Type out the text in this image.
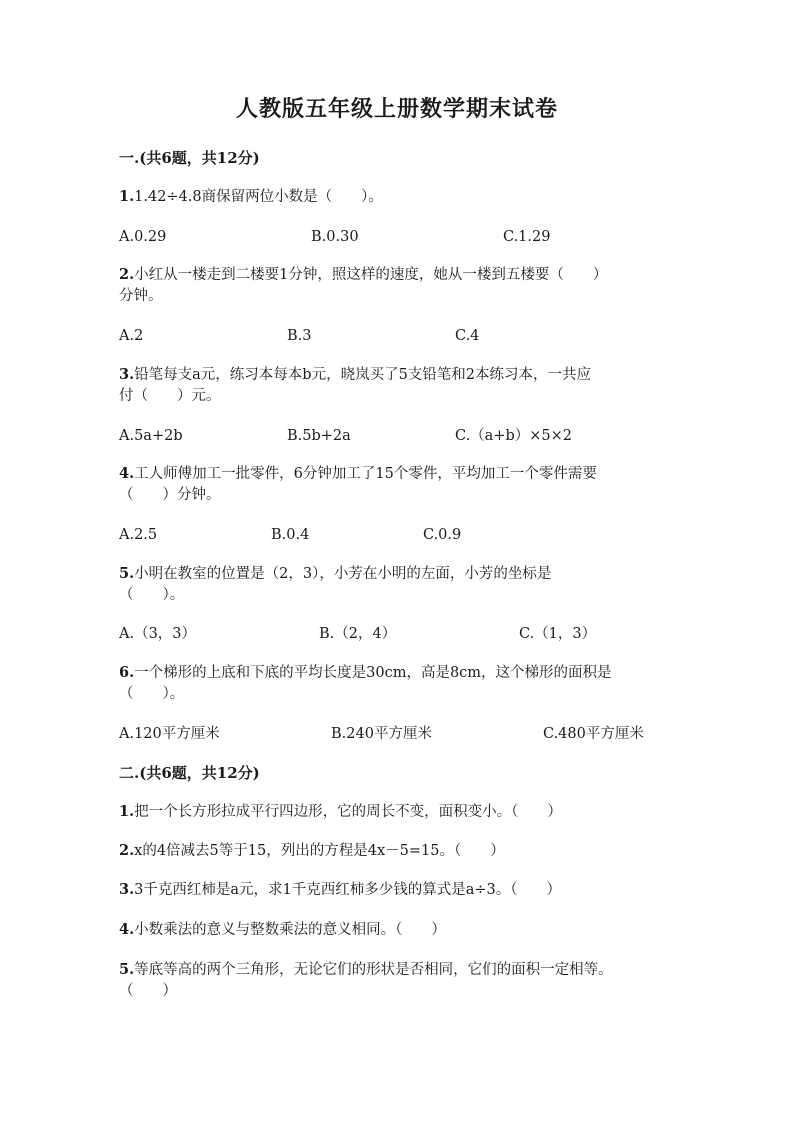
人教版五年级上册数学期末试卷
一.(共6题，共12分)
1.1.42÷4.8商保留两位小数是（　　）。
A.0.29	B.0.30	C.1.29
2.小红从一楼走到二楼要1分钟，照这样的速度，她从一楼到五楼要（　　）
分钟。
A.2	B.3	C.4
3.铅笔每支a元，练习本每本b元，晓岚买了5支铅笔和2本练习本，一共应
付（　　）元。
A.5a+2b	B.5b+2a	C.（a+b）×5×2
4.工人师傅加工一批零件，6分钟加工了15个零件，平均加工一个零件需要
（　　）分钟。
A.2.5	B.0.4	C.0.9
5.小明在教室的位置是（2，3），小芳在小明的左面，小芳的坐标是
（　　）。
A.（3，3）	B.（2，4）	C.（1，3）
6.一个梯形的上底和下底的平均长度是30cm，高是8cm，这个梯形的面积是
（　　）。
A.120平方厘米	B.240平方厘米	C.480平方厘米
二.(共6题，共12分)
1.把一个长方形拉成平行四边形，它的周长不变，面积变小。（　　）
2.x的4倍减去5等于15，列出的方程是4x－5=15。（　　）
3.3千克西红柿是a元，求1千克西红柿多少钱的算式是a÷3。（　　）
4.小数乘法的意义与整数乘法的意义相同。（　　）
5.等底等高的两个三角形，无论它们的形状是否相同，它们的面积一定相等。
（　　）
